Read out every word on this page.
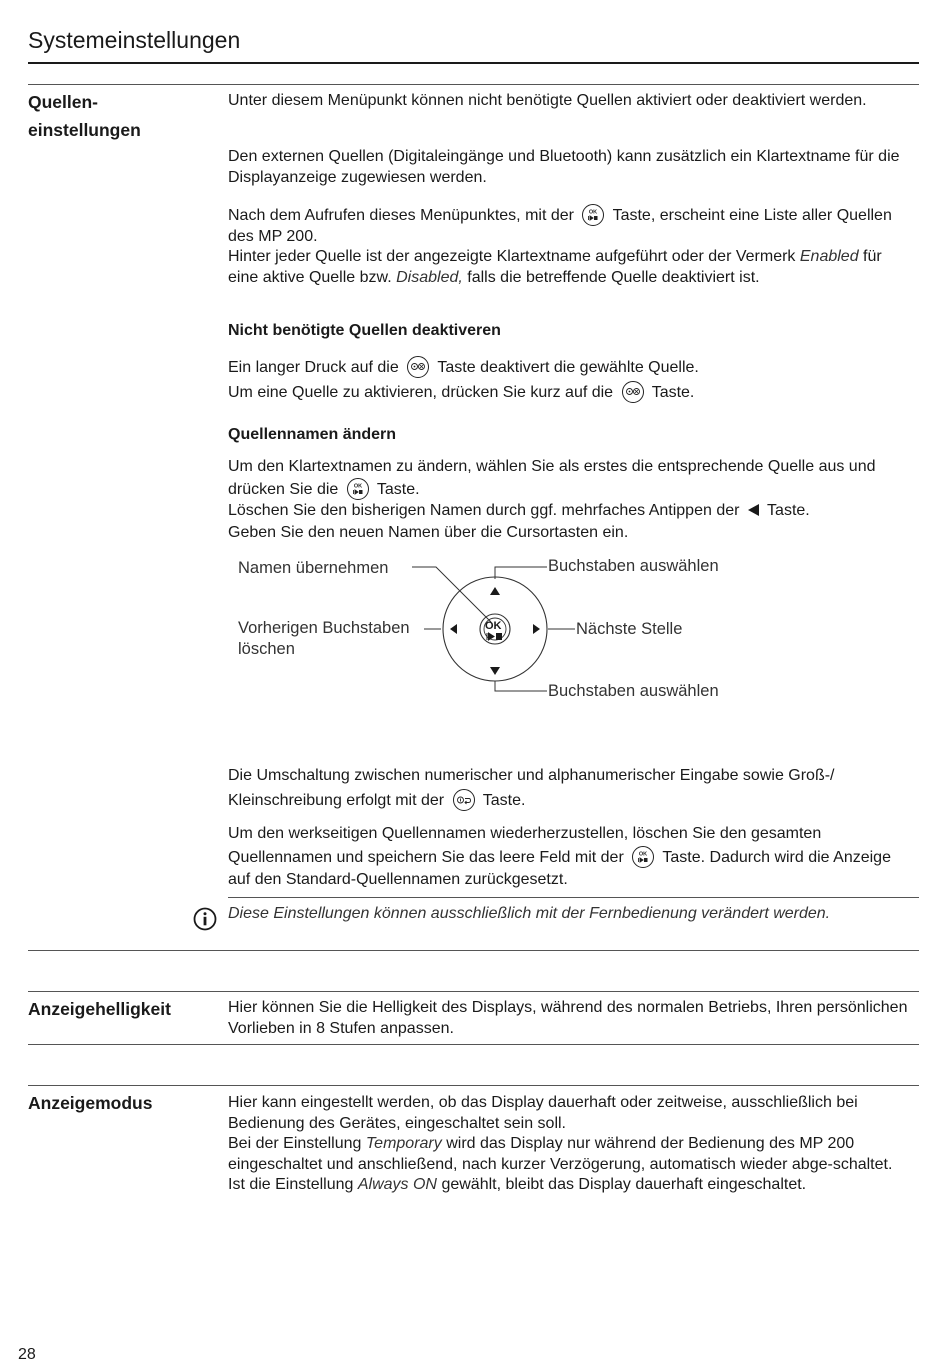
Systemeinstellungen
Quellen-
einstellungen

Unter diesem Menüpunkt können nicht benötigte Quellen aktiviert oder deaktiviert werden.

Den externen Quellen (Digitaleingänge und Bluetooth) kann zusätzlich ein Klartextname für die Displayanzeige zugewiesen werden.

Nach dem Aufrufen dieses Menüpunktes, mit der	OK Taste, erscheint eine Liste aller Quellen des MP 200.
Hinter jeder Quelle ist der angezeigte Klartextname aufgeführt oder der Vermerk Enabled für eine aktive Quelle bzw. Disabled, falls die betreffende Quelle deaktiviert ist.

Nicht benötigte Quellen deaktiveren

Ein langer Druck auf die Taste deaktivert die gewählte Quelle.
Um eine Quelle zu aktivieren, drücken Sie kurz auf die Taste.

Quellennamen ändern

Um den Klartextnamen zu ändern, wählen Sie als erstes die entsprechende Quelle aus und drücken Sie die	OK Taste.
Löschen Sie den bisherigen Namen durch ggf. mehrfaches Antippen der Taste.
Geben Sie den neuen Namen über die Cursortasten ein.

Namen übernehmen	Buchstaben auswählen
Vorherigen Buchstaben
löschen
Nächste Stelle
Buchstaben auswählen
OK

Die Umschaltung zwischen numerischer und alphanumerischer Eingabe sowie Groß-/ Kleinschreibung erfolgt mit der Taste.

Um den werkseitigen Quellennamen wiederherzustellen, löschen Sie den gesamten Quellennamen und speichern Sie das leere Feld mit der	OK Taste. Dadurch wird die Anzeige auf den Standard-Quellennamen zurückgesetzt.

Diese Einstellungen können ausschließlich mit der Fernbedienung verändert werden.
Anzeigehelligkeit	Hier können Sie die Helligkeit des Displays, während des normalen Betriebs, Ihren persönlichen Vorlieben in 8 Stufen anpassen.

Anzeigemodus	Hier kann eingestellt werden, ob das Display dauerhaft oder zeitweise, ausschließlich bei Bedienung des Gerätes, eingeschaltet sein soll.

Bei der Einstellung Temporary wird das Display nur während der Bedienung des MP 200 eingeschaltet und anschließend, nach kurzer Verzögerung, automatisch wieder abge-schaltet.

Ist die Einstellung Always ON gewählt, bleibt das Display dauerhaft eingeschaltet.

28
